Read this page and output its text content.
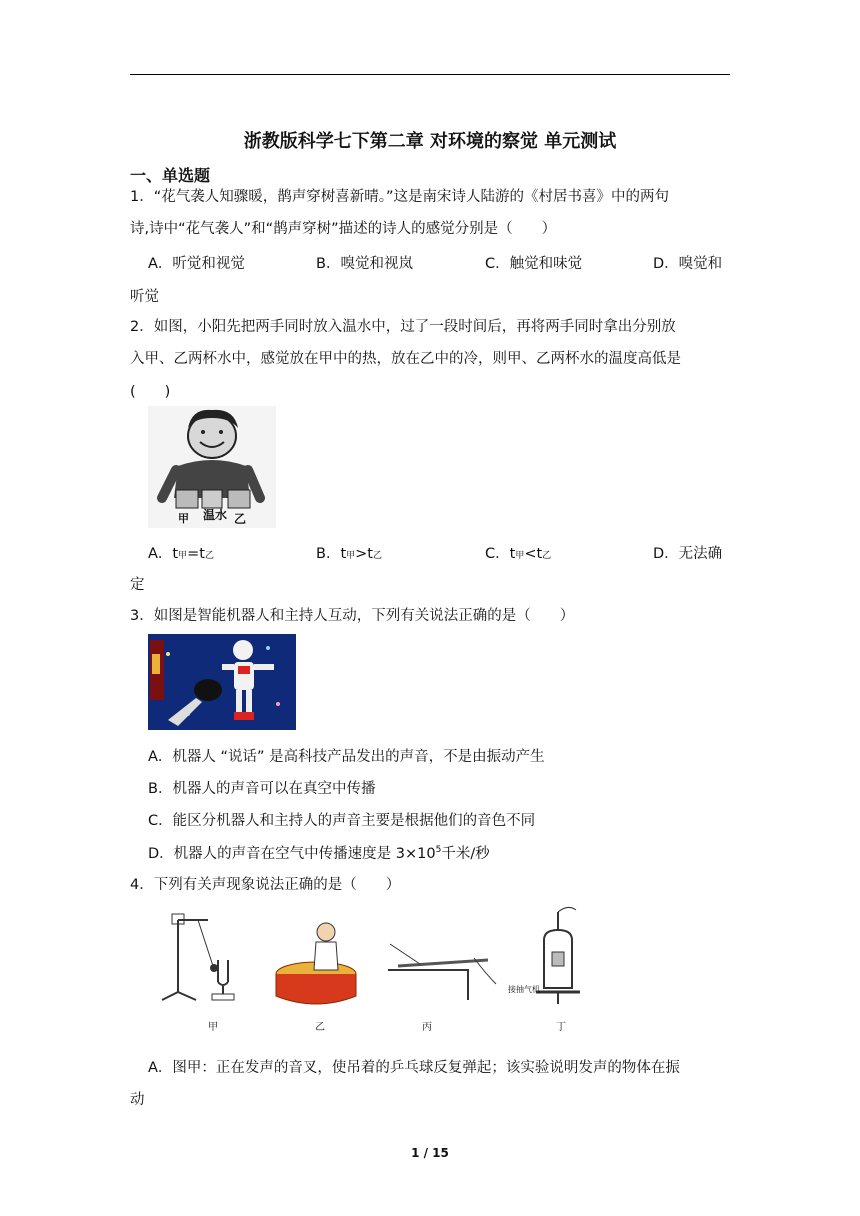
浙教版科学七下第二章 对环境的察觉 单元测试
一、单选题
1．“花气袭人知骤暖，鹊声穿树喜新晴。”这是南宋诗人陆游的《村居书喜》中的两句
诗,诗中“花气袭人”和“鹊声穿树”描述的诗人的感觉分别是（　　）
A．听觉和视觉	B．嗅觉和视岚	C．触觉和味觉	D．嗅觉和
听觉
2．如图，小阳先把两手同时放入温水中，过了一段时间后，再将两手同时拿出分别放
入甲、乙两杯水中，感觉放在甲中的热，放在乙中的冷，则甲、乙两杯水的温度高低是
(　　)
甲 温水 乙
A．t甲=t乙	B．t甲>t乙	C．t甲<t乙	D．无法确
定
3．如图是智能机器人和主持人互动，下列有关说法正确的是（　　）
A．机器人 “说话” 是高科技产品发出的声音，不是由振动产生
B．机器人的声音可以在真空中传播
C．能区分机器人和主持人的声音主要是根据他们的音色不同
D．机器人的声音在空气中传播速度是 $3\times 10^5$千米/秒
4．下列有关声现象说法正确的是（　　）
甲	乙	丙	丁
接抽气机
A．图甲：正在发声的音叉，使吊着的乒乓球反复弹起；该实验说明发声的物体在振
动
1 / 15
